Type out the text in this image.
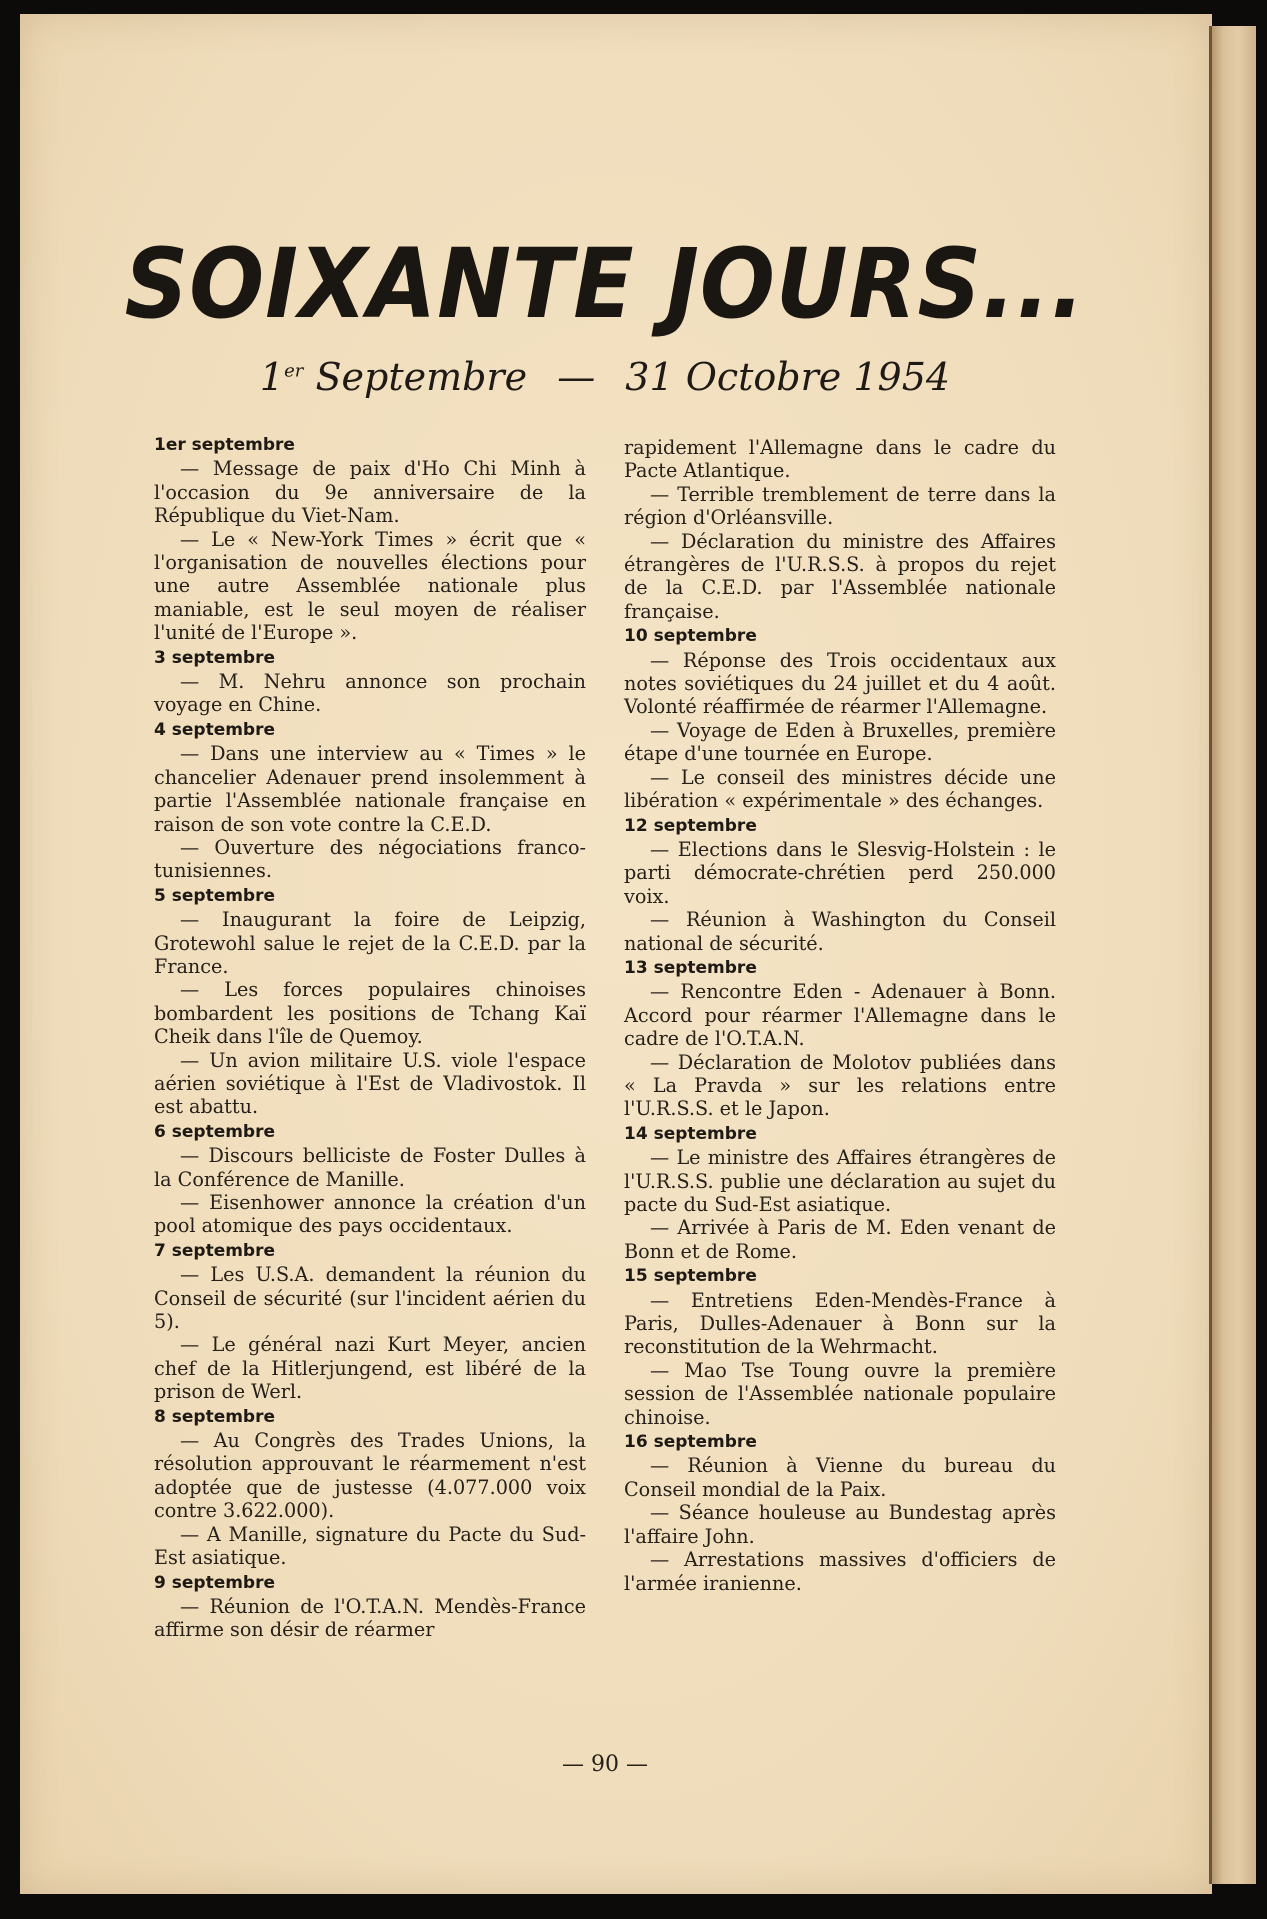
SOIXANTE JOURS...

1er Septembre — 31 Octobre 1954

1er septembre

— Message de paix d'Ho Chi Minh à l'occasion du 9e anniversaire de la République du Viet-Nam.

— Le « New-York Times » écrit que « l'organisation de nouvelles élections pour une autre Assemblée nationale plus maniable, est le seul moyen de réaliser l'unité de l'Europe ».

3 septembre

— M. Nehru annonce son prochain voyage en Chine.

4 septembre

— Dans une interview au « Times » le chancelier Adenauer prend insolemment à partie l'Assemblée nationale française en raison de son vote contre la C.E.D.

— Ouverture des négociations franco-tunisiennes.

5 septembre

— Inaugurant la foire de Leipzig, Grotewohl salue le rejet de la C.E.D. par la France.

— Les forces populaires chinoises bombardent les positions de Tchang Kaï Cheik dans l'île de Quemoy.

— Un avion militaire U.S. viole l'espace aérien soviétique à l'Est de Vladivostok. Il est abattu.

6 septembre

— Discours belliciste de Foster Dulles à la Conférence de Manille.

— Eisenhower annonce la création d'un pool atomique des pays occidentaux.

7 septembre

— Les U.S.A. demandent la réunion du Conseil de sécurité (sur l'incident aérien du 5).

— Le général nazi Kurt Meyer, ancien chef de la Hitlerjungend, est libéré de la prison de Werl.

8 septembre

— Au Congrès des Trades Unions, la résolution approuvant le réarmement n'est adoptée que de justesse (4.077.000 voix contre 3.622.000).

— A Manille, signature du Pacte du Sud-Est asiatique.

9 septembre

— Réunion de l'O.T.A.N. Mendès-France affirme son désir de réarmer

rapidement l'Allemagne dans le cadre du Pacte Atlantique.

— Terrible tremblement de terre dans la région d'Orléansville.

— Déclaration du ministre des Affaires étrangères de l'U.R.S.S. à propos du rejet de la C.E.D. par l'Assemblée nationale française.

10 septembre

— Réponse des Trois occidentaux aux notes soviétiques du 24 juillet et du 4 août. Volonté réaffirmée de réarmer l'Allemagne.

— Voyage de Eden à Bruxelles, première étape d'une tournée en Europe.

— Le conseil des ministres décide une libération « expérimentale » des échanges.

12 septembre

— Elections dans le Slesvig-Holstein : le parti démocrate-chrétien perd 250.000 voix.

— Réunion à Washington du Conseil national de sécurité.

13 septembre

— Rencontre Eden - Adenauer à Bonn. Accord pour réarmer l'Allemagne dans le cadre de l'O.T.A.N.

— Déclaration de Molotov publiées dans « La Pravda » sur les relations entre l'U.R.S.S. et le Japon.

14 septembre

— Le ministre des Affaires étrangères de l'U.R.S.S. publie une déclaration au sujet du pacte du Sud-Est asiatique.

— Arrivée à Paris de M. Eden venant de Bonn et de Rome.

15 septembre

— Entretiens Eden-Mendès-France à Paris, Dulles-Adenauer à Bonn sur la reconstitution de la Wehrmacht.

— Mao Tse Toung ouvre la première session de l'Assemblée nationale populaire chinoise.

16 septembre

— Réunion à Vienne du bureau du Conseil mondial de la Paix.

— Séance houleuse au Bundestag après l'affaire John.

— Arrestations massives d'officiers de l'armée iranienne.

— 90 —
